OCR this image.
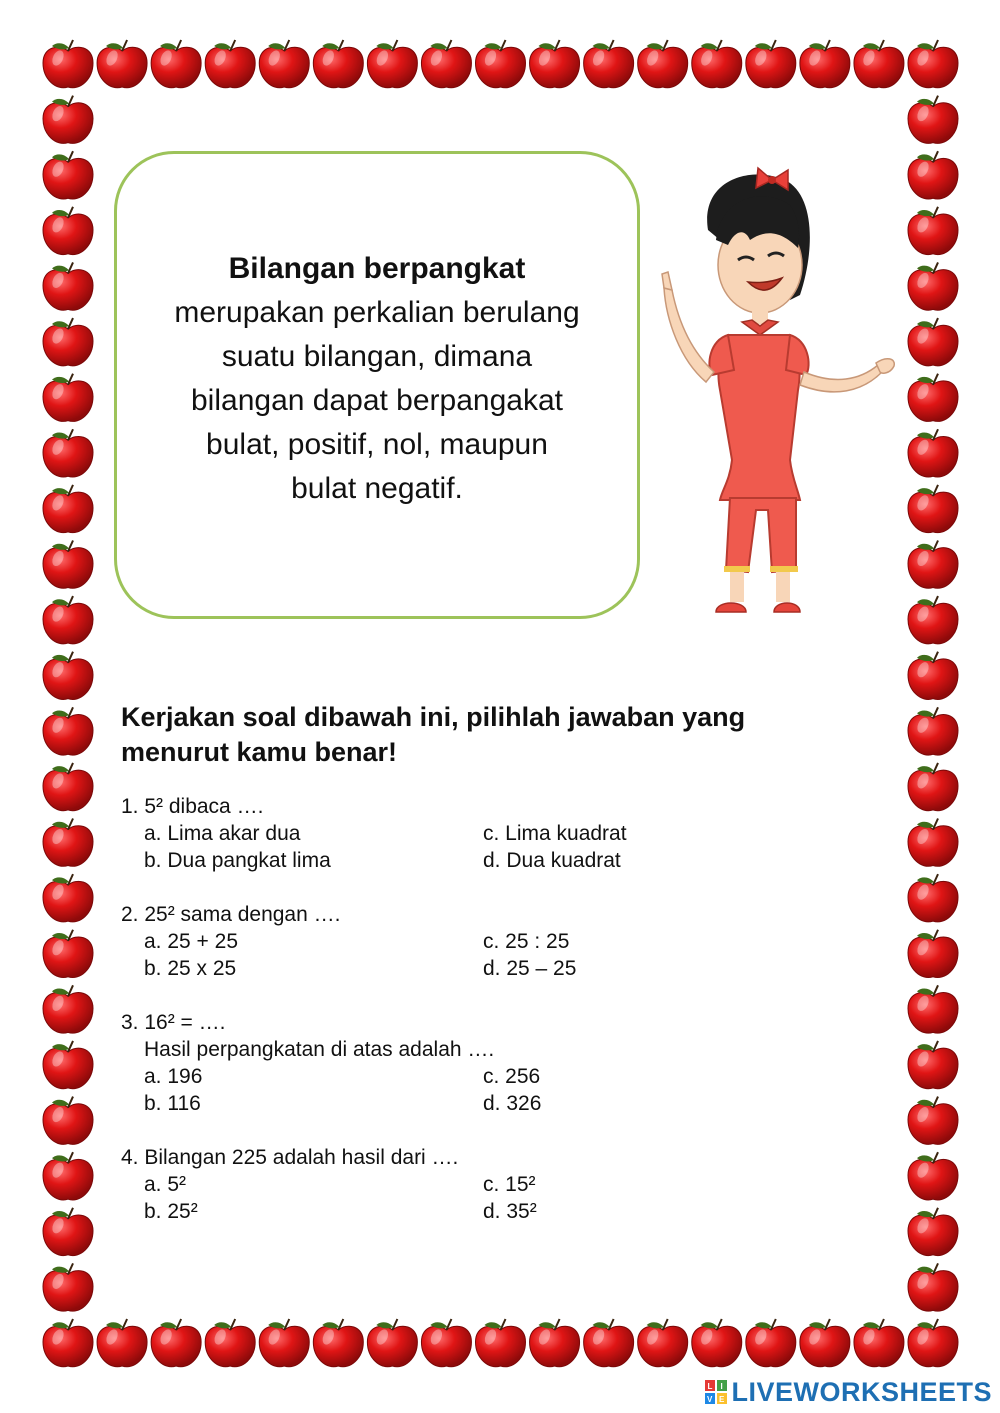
Bilangan berpangkat
merupakan perkalian berulang
suatu bilangan, dimana
bilangan dapat berpangakat
bulat, positif, nol, maupun
bulat negatif.
Kerjakan soal dibawah ini, pilihlah jawaban yang
menurut kamu benar!
1. 5² dibaca ….
a. Lima akar dua	c. Lima kuadrat
b. Dua pangkat lima	d. Dua kuadrat
2. 25² sama dengan ….
a. 25 + 25	c. 25 : 25
b. 25 x 25	d. 25 – 25
3. 16² = ….
Hasil perpangkatan di atas adalah ….
a. 196	c. 256
b. 116	d. 326
4. Bilangan 225 adalah hasil dari ….
a. 5²	c. 15²
b. 25²	d. 35²
L I
V E LIVEWORKSHEETS
